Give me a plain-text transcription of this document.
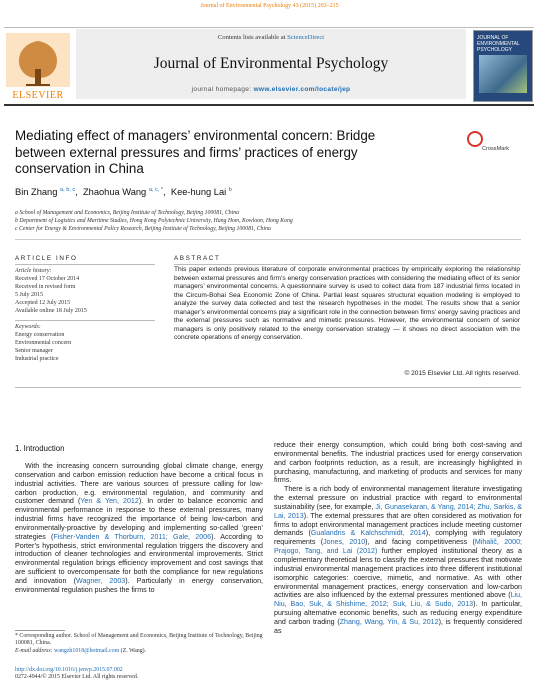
Journal of Environmental Psychology 43 (2015) 203–215
ELSEVIER
Contents lists available at ScienceDirect
Journal of Environmental Psychology
journal homepage: www.elsevier.com/locate/jep
JOURNAL OF ENVIRONMENTAL PSYCHOLOGY
Mediating effect of managers’ environmental concern: Bridge between external pressures and firms’ practices of energy conservation in China
CrossMark
Bin Zhang $^{a, b, c}$,  Zhaohua Wang $^{a, c, *}$,  Kee-hung Lai $^b$
a School of Management and Economics, Beijing Institute of Technology, Beijing 100081, China
b Department of Logistics and Maritime Studies, Hong Kong Polytechnic University, Hung Hom, Kowloon, Hong Kong
c Center for Energy & Environmental Policy Research, Beijing Institute of Technology, Beijing 100081, China
ARTICLE INFO
Article history:
Received 17 October 2014
Received in revised form
5 July 2015
Accepted 12 July 2015
Available online 18 July 2015
Keywords:
Energy conservation
Environmental concern
Senior manager
Industrial practice
ABSTRACT
This paper extends previous literature of corporate environmental practices by empirically exploring the relationship between external pressures and firm’s energy conservation practices with considering the mediating effect of its senior managers’ environmental concerns. A questionnaire survey is used to collect data from 187 industrial firms located in the Circum-Bohai Sea Economic Zone of China. Partial least squares structural equation modeling is employed to analyze the survey data collected and test the research hypotheses in the model. The results show that a senior manager’s environmental concerns play a significant role in the connection between firms’ energy saving practices and the external pressures such as normative and mimetic pressures. However, the environmental concern of senior managers is only positively related to the energy conservation strategy — it shows no direct association with the concrete operations of energy conservation.
© 2015 Elsevier Ltd. All rights reserved.
1. Introduction
With the increasing concern surrounding global climate change, energy conservation and carbon emission reduction have become a critical focus in industrial activities. There are various sources of pressure calling for low-carbon production, e.g. environmental regulation, and community and customer demand (Yen & Yen, 2012). In order to balance economic and environmental performance in response to these external pressures, many industrial firms have recognized the importance of being low-carbon and environmentally-proactive by developing and implementing so-called ‘green’ strategies (Fisher-Vanden & Thorburn, 2011; Gale, 2006). According to Porter’s hypothesis, strict environmental regulation triggers the discovery and introduction of cleaner technologies and environmental improvements. Strict environmental regulation brings efficiency improvement and cost savings that are sufficient to overcompensate for both the compliance for new regulations and innovation (Wagner, 2003). Particularly in energy conservation, environmental regulation pushes the firms to
reduce their energy consumption, which could bring both cost-saving and environmental benefits. The industrial practices used for energy conservation and carbon footprints reduction, as a result, are increasingly highlighted in purchasing, manufacturing, and marketing of products and services for many firms.
There is a rich body of environmental management literature investigating the external pressure on industrial practice with regard to environmental sustainability (see, for example, Ji, Gunasekaran, & Yang, 2014; Zhu, Sarkis, & Lai, 2013). The external pressures that are often considered as motivation for firms to adopt environmental management practices include meeting customer demands (Gualandris & Kalchschmidt, 2014), complying with regulatory requirements (Jones, 2010), and facing competitiveness (Mihalič, 2000; Prajogo, Tang, and Lai (2012) further employed institutional theory as a complementary theoretical lens to classify the external pressures that motivate industrial environmental management practices into three different institutional isomorphic categories: coercive, mimetic, and normative. As with other environmental management practices, energy conservation and low-carbon activities are also influenced by the external pressures mentioned above (Liu, Niu, Bao, Suk, & Shishime, 2012; Suk, Liu, & Sudo, 2013). In particular, pursuing alternative economic benefits, such as reducing energy expenditure and carbon trading (Zhang, Wang, Yin, & Su, 2012), is frequently considered as
* Corresponding author. School of Management and Economics, Beijing Institute of Technology, Beijing 100081, China.
E-mail address: wangzh1018@hotmail.com (Z. Wang).
http://dx.doi.org/10.1016/j.jenvp.2015.07.002
0272-4944/© 2015 Elsevier Ltd. All rights reserved.
